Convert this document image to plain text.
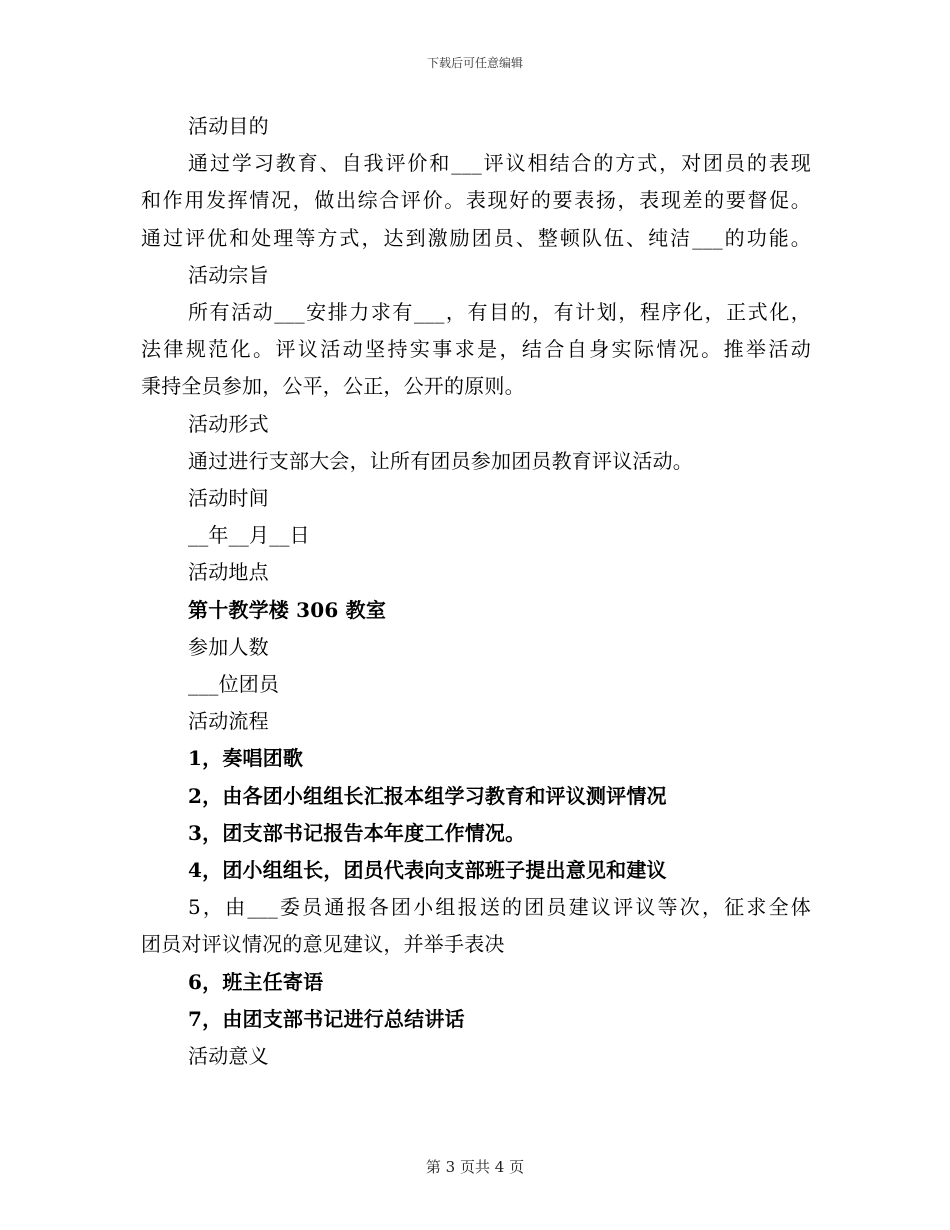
下载后可任意编辑
活动目的
通过学习教育、自我评价和___评议相结合的方式，对团员的表现
和作用发挥情况，做出综合评价。表现好的要表扬，表现差的要督促。
通过评优和处理等方式，达到激励团员、整顿队伍、纯洁___的功能。
活动宗旨
所有活动___安排力求有___，有目的，有计划，程序化，正式化，
法律规范化。评议活动坚持实事求是，结合自身实际情况。推举活动
秉持全员参加，公平，公正，公开的原则。
活动形式
通过进行支部大会，让所有团员参加团员教育评议活动。
活动时间
__年__月__日
活动地点
第十教学楼 306 教室
参加人数
___位团员
活动流程
1，奏唱团歌
2，由各团小组组长汇报本组学习教育和评议测评情况
3，团支部书记报告本年度工作情况。
4，团小组组长，团员代表向支部班子提出意见和建议
5，由___委员通报各团小组报送的团员建议评议等次，征求全体
团员对评议情况的意见建议，并举手表决
6，班主任寄语
7，由团支部书记进行总结讲话
活动意义
第 3 页共 4 页
